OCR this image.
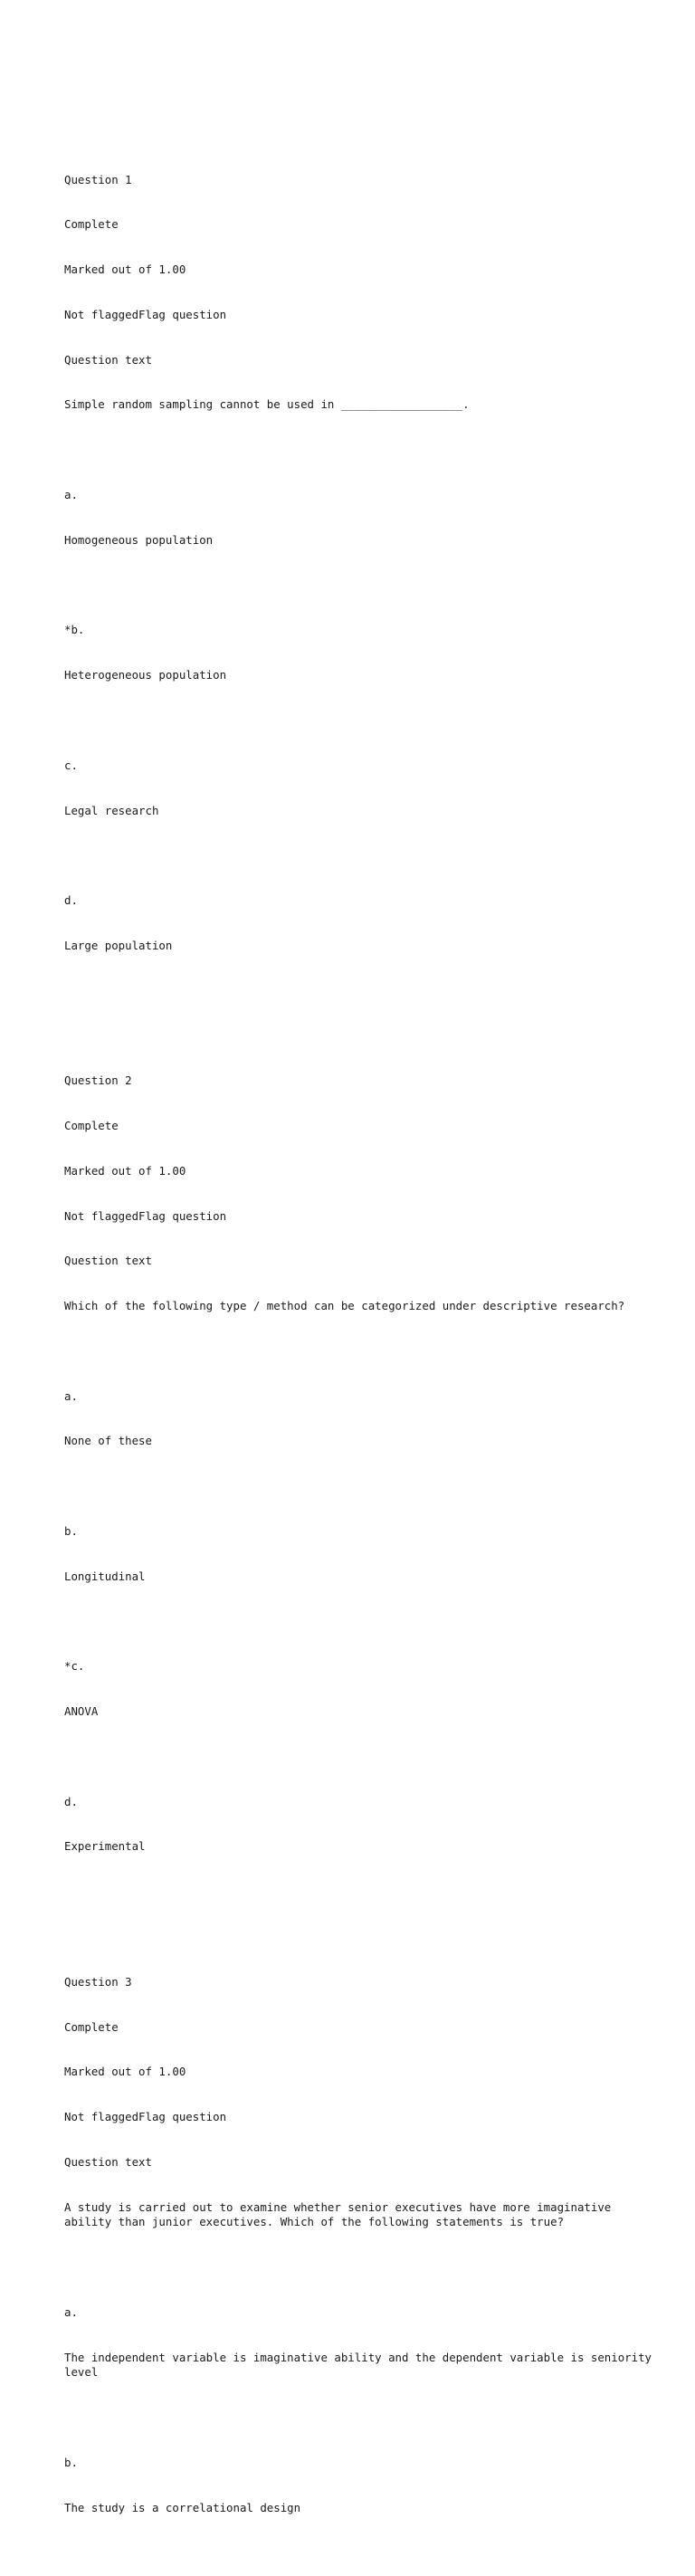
Question 1

Complete

Marked out of 1.00

Not flaggedFlag question

Question text

Simple random sampling cannot be used in __________________.

a.

Homogeneous population

*b.

Heterogeneous population

c.

Legal research

d.

Large population

Question 2

Complete

Marked out of 1.00

Not flaggedFlag question

Question text

Which of the following type / method can be categorized under descriptive research?

a.

None of these

b.

Longitudinal

*c.

ANOVA

d.

Experimental

Question 3

Complete

Marked out of 1.00

Not flaggedFlag question

Question text

A study is carried out to examine whether senior executives have more imaginative ability than junior executives. Which of the following statements is true?

a.

The independent variable is imaginative ability and the dependent variable is seniority level

b.

The study is a correlational design
